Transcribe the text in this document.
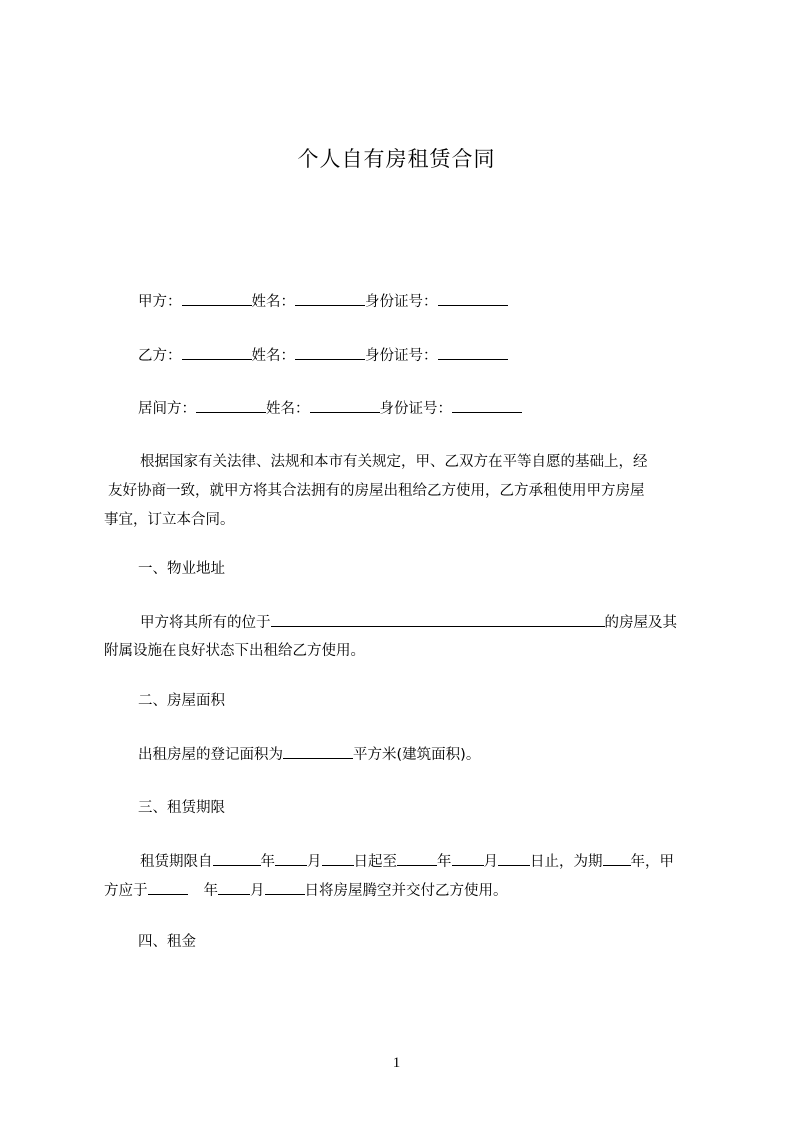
个人自有房租赁合同
甲方：	姓名：	身份证号：
乙方：	姓名：	身份证号：
居间方：	姓名：	身份证号：
根据国家有关法律、法规和本市有关规定，甲、乙双方在平等自愿的基础上，经
友好协商一致，就甲方将其合法拥有的房屋出租给乙方使用，乙方承租使用甲方房屋
事宜，订立本合同。
一、物业地址
甲方将其所有的位于	的房屋及其
附属设施在良好状态下出租给乙方使用。
二、房屋面积
出租房屋的登记面积为	平方米(建筑面积)。
三、租赁期限
租赁期限自	年 月 日起至	年 月 日止，为期 年，甲
方应于	年 月	日将房屋腾空并交付乙方使用。
四、租金
1
